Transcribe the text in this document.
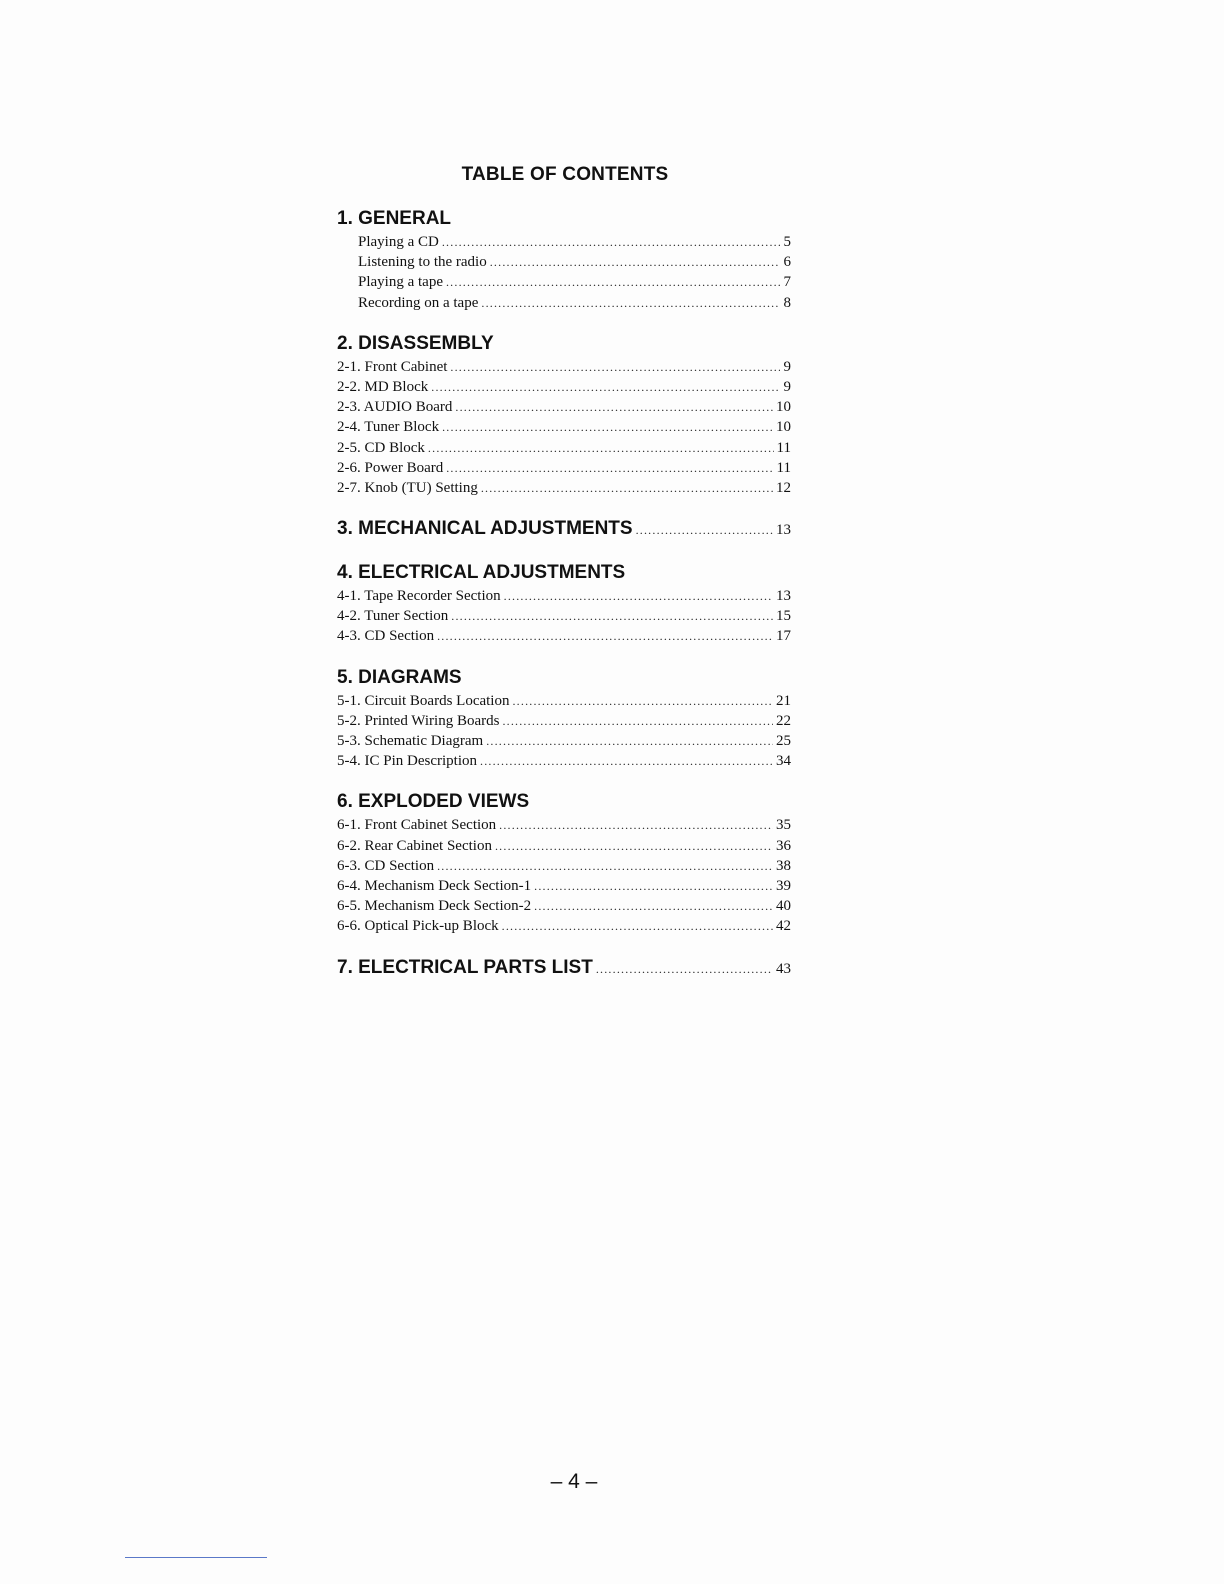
TABLE OF CONTENTS
1. GENERAL
Playing a CD .....	5
Listening to the radio .....	6
Playing a tape .....	7
Recording on a tape .....	8
2. DISASSEMBLY
2-1. Front Cabinet .....	9
2-2. MD Block .....	9
2-3. AUDIO Board .....	10
2-4. Tuner Block .....	10
2-5. CD Block .....	11
2-6. Power Board .....	11
2-7. Knob (TU) Setting .....	12
3. MECHANICAL ADJUSTMENTS .....	13
4. ELECTRICAL ADJUSTMENTS
4-1. Tape Recorder Section .....	13
4-2. Tuner Section .....	15
4-3. CD Section .....	17
5. DIAGRAMS
5-1. Circuit Boards Location .....	21
5-2. Printed Wiring Boards .....	22
5-3. Schematic Diagram .....	25
5-4. IC Pin Description .....	34
6. EXPLODED VIEWS
6-1. Front Cabinet Section .....	35
6-2. Rear Cabinet Section .....	36
6-3. CD Section .....	38
6-4. Mechanism Deck Section-1 .....	39
6-5. Mechanism Deck Section-2 .....	40
6-6. Optical Pick-up Block .....	42
7. ELECTRICAL PARTS LIST .....	43
– 4 –
